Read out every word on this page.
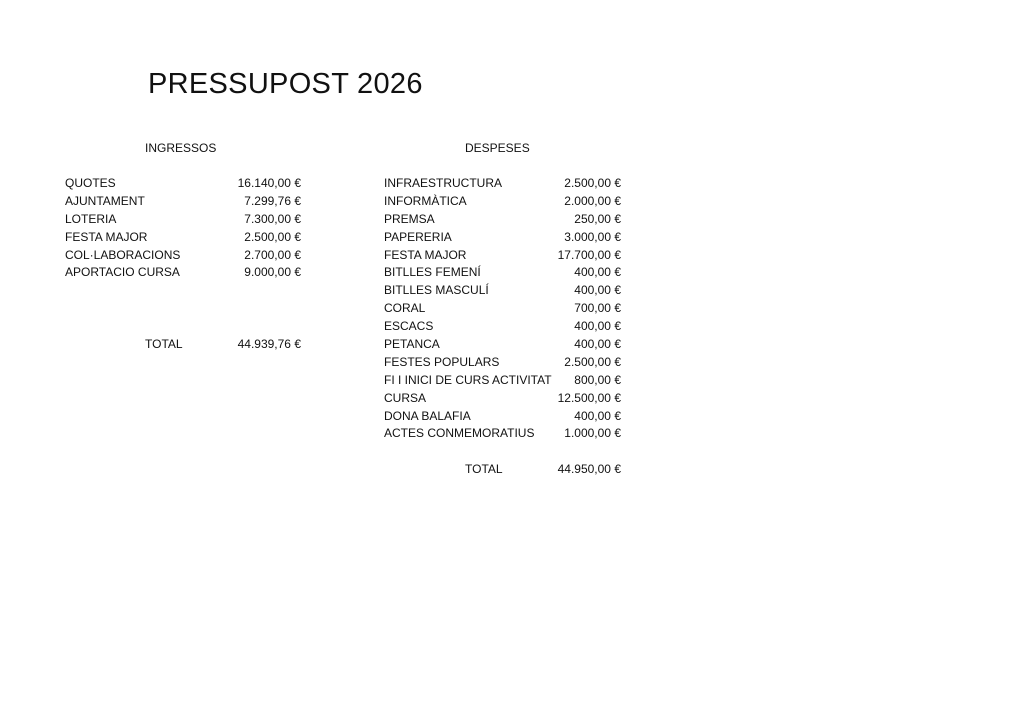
PRESSUPOST 2026
INGRESSOS	DESPESES
QUOTES	16.140,00 €
AJUNTAMENT	7.299,76 €
LOTERIA	7.300,00 €
FESTA MAJOR	2.500,00 €
COL·LABORACIONS	2.700,00 €
APORTACIO CURSA	9.000,00 €
TOTAL	44.939,76 €
INFRAESTRUCTURA	2.500,00 €
INFORMÀTICA	2.000,00 €
PREMSA	250,00 €
PAPERERIA	3.000,00 €
FESTA MAJOR	17.700,00 €
BITLLES FEMENÍ	400,00 €
BITLLES MASCULÍ	400,00 €
CORAL	700,00 €
ESCACS	400,00 €
PETANCA	400,00 €
FESTES POPULARS	2.500,00 €
FI I INICI DE CURS ACTIVITAT 800,00 €
CURSA	12.500,00 €
DONA BALAFIA	400,00 €
ACTES CONMEMORATIUS 1.000,00 €
TOTAL	44.950,00 €
